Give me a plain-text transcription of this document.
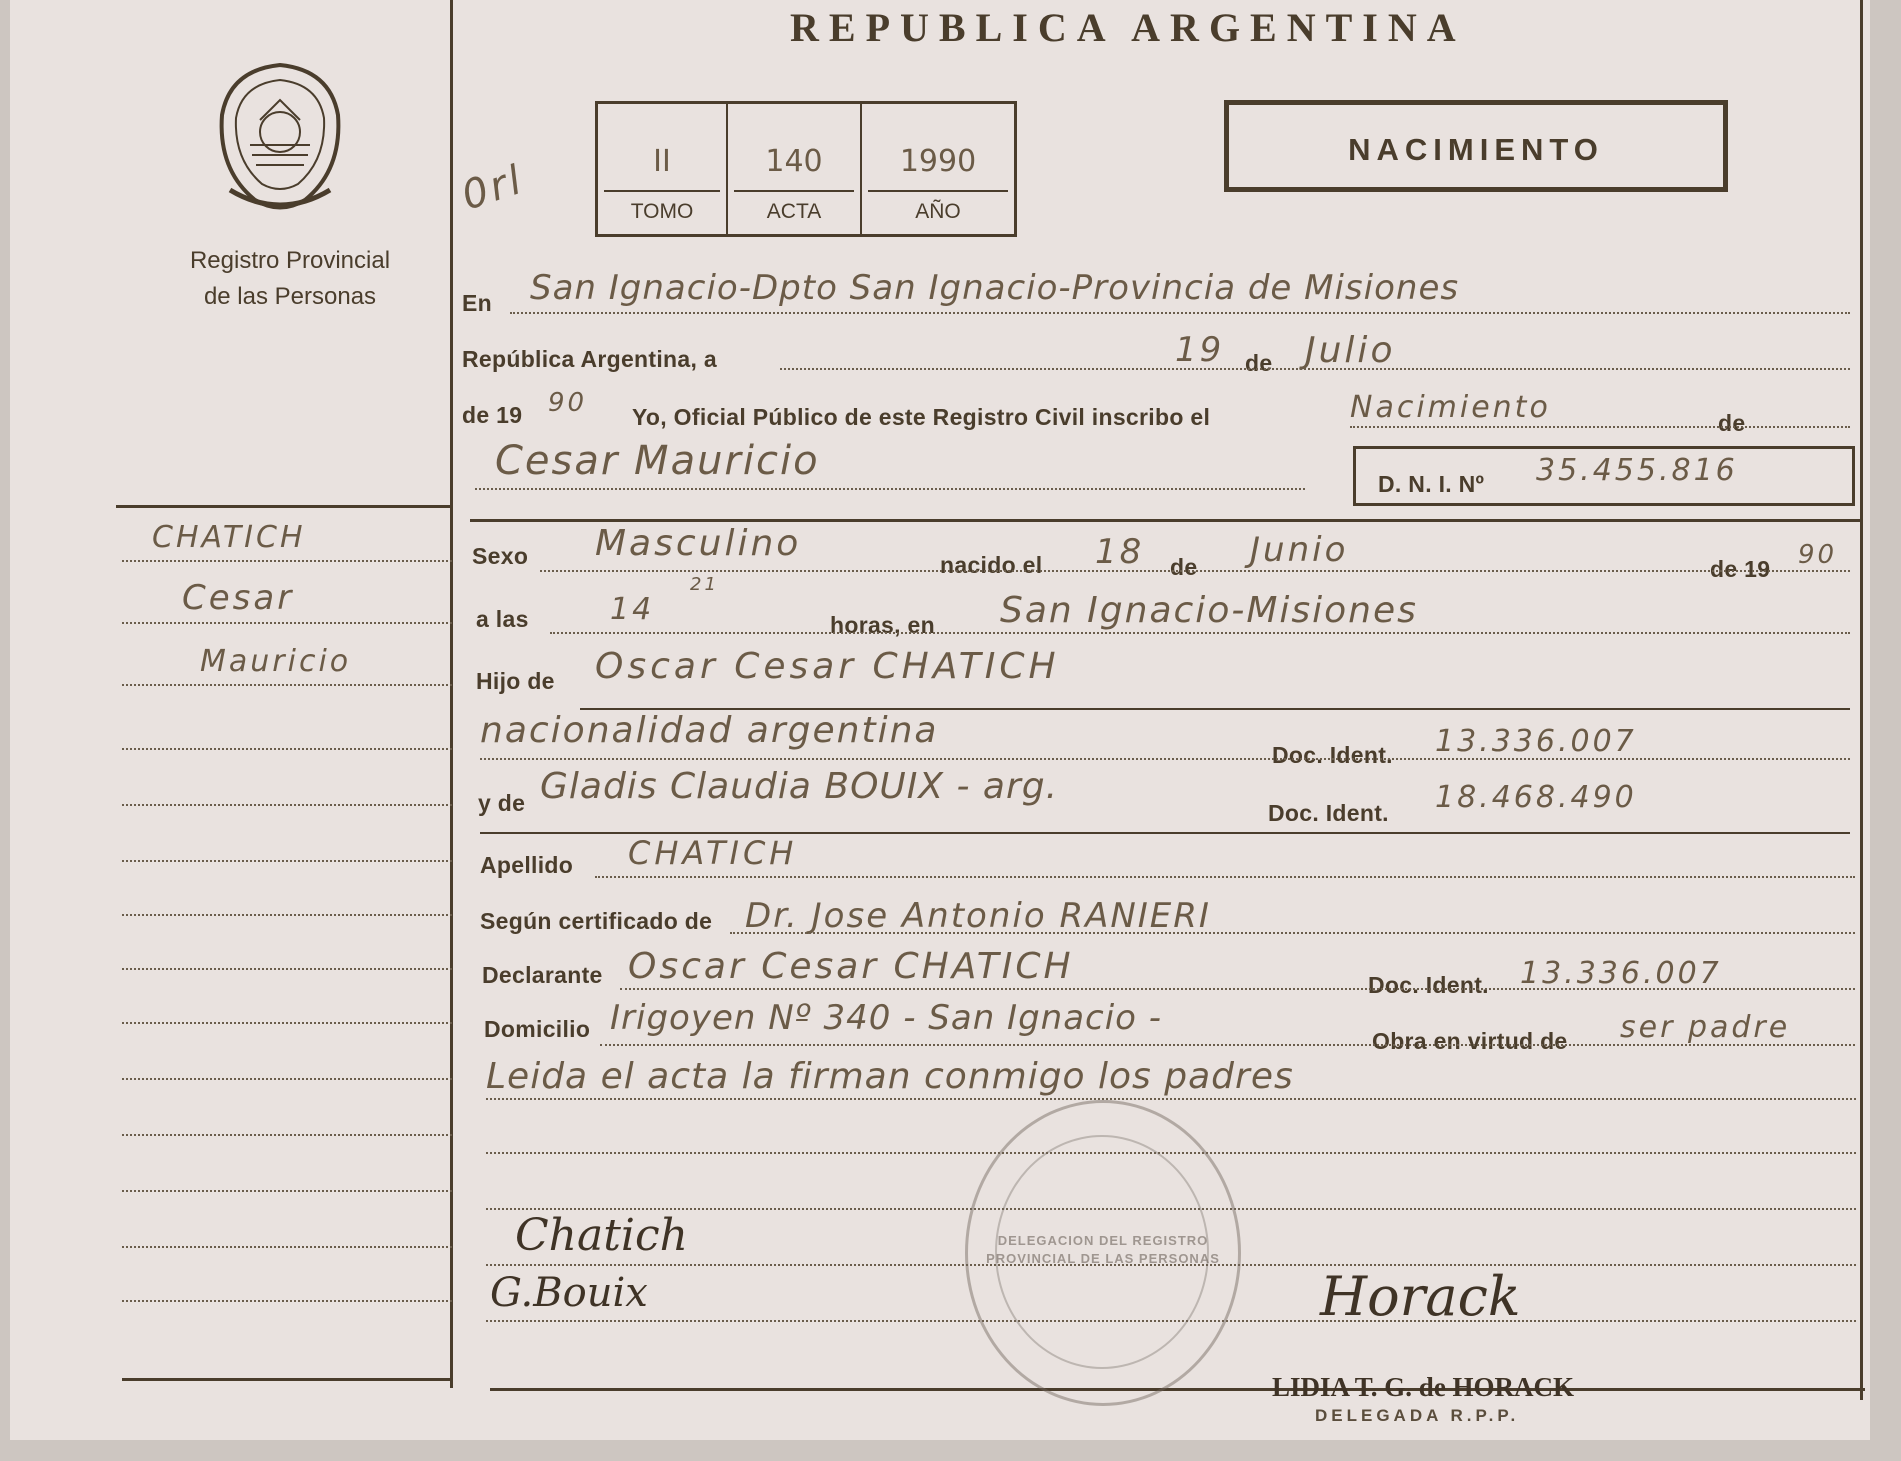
Registro Provincial
de las Personas
REPUBLICA ARGENTINA
II
TOMO
140
ACTA
1990
AÑO
0rl
NACIMIENTO
CHATICH
Cesar
Mauricio
En San Ignacio-Dpto San Ignacio-Provincia de Misiones
República Argentina, a	19 de Julio
de 19 90 Yo, Oficial Público de este Registro Civil inscribo el	Nacimiento	de
Cesar Mauricio	D. N. I. Nº 35.455.816
Sexo Masculino
nacido el 18 de Junio	de 19 90
a las	14
21
horas, en San Ignacio-Misiones
Hijo de Oscar Cesar CHATICH
nacionalidad argentina
Doc. Ident. 13.336.007
y de Gladis Claudia BOUIX - arg.
Doc. Ident. 18.468.490
Apellido CHATICH
Según certificado de Dr. Jose Antonio RANIERI
Declarante Oscar Cesar CHATICH	Doc. Ident. 13.336.007
Domicilio Irigoyen Nº 340 - San Ignacio -
Obra en virtud de ser padre
Leida el acta la firman conmigo los padres
DELEGACION DEL REGISTRO PROVINCIAL DE LAS PERSONAS
Chatich
G.Bouix	Horack
LIDIA T. G. de HORACK
DELEGADA R.P.P.
